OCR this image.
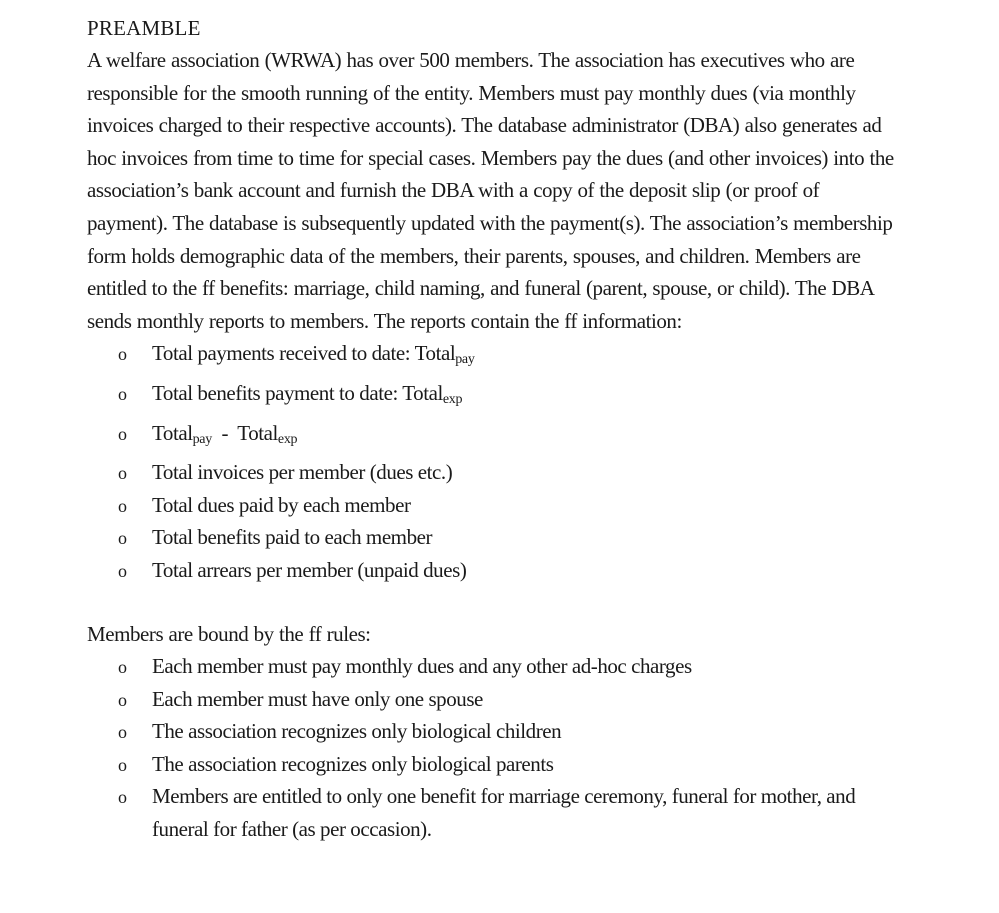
PREAMBLE

A welfare association (WRWA) has over 500 members. The association has executives who are responsible for the smooth running of the entity. Members must pay monthly dues (via monthly invoices charged to their respective accounts). The database administrator (DBA) also generates ad hoc invoices from time to time for special cases. Members pay the dues (and other invoices) into the association’s bank account and furnish the DBA with a copy of the deposit slip (or proof of payment). The database is subsequently updated with the payment(s). The association’s membership form holds demographic data of the members, their parents, spouses, and children. Members are entitled to the ff benefits: marriage, child naming, and funeral (parent, spouse, or child). The DBA sends monthly reports to members. The reports contain the ff information:

o Total payments received to date: Total$_{pay}$
o Total benefits payment to date: Total$_{exp}$
o Total$_{pay}$  -  Total$_{exp}$
o Total invoices per member (dues etc.)
o Total dues paid by each member
o Total benefits paid to each member
o Total arrears per member (unpaid dues)

Members are bound by the ff rules:

o Each member must pay monthly dues and any other ad-hoc charges
o Each member must have only one spouse
o The association recognizes only biological children
o The association recognizes only biological parents
o Members are entitled to only one benefit for marriage ceremony, funeral for mother, and funeral for father (as per occasion).
